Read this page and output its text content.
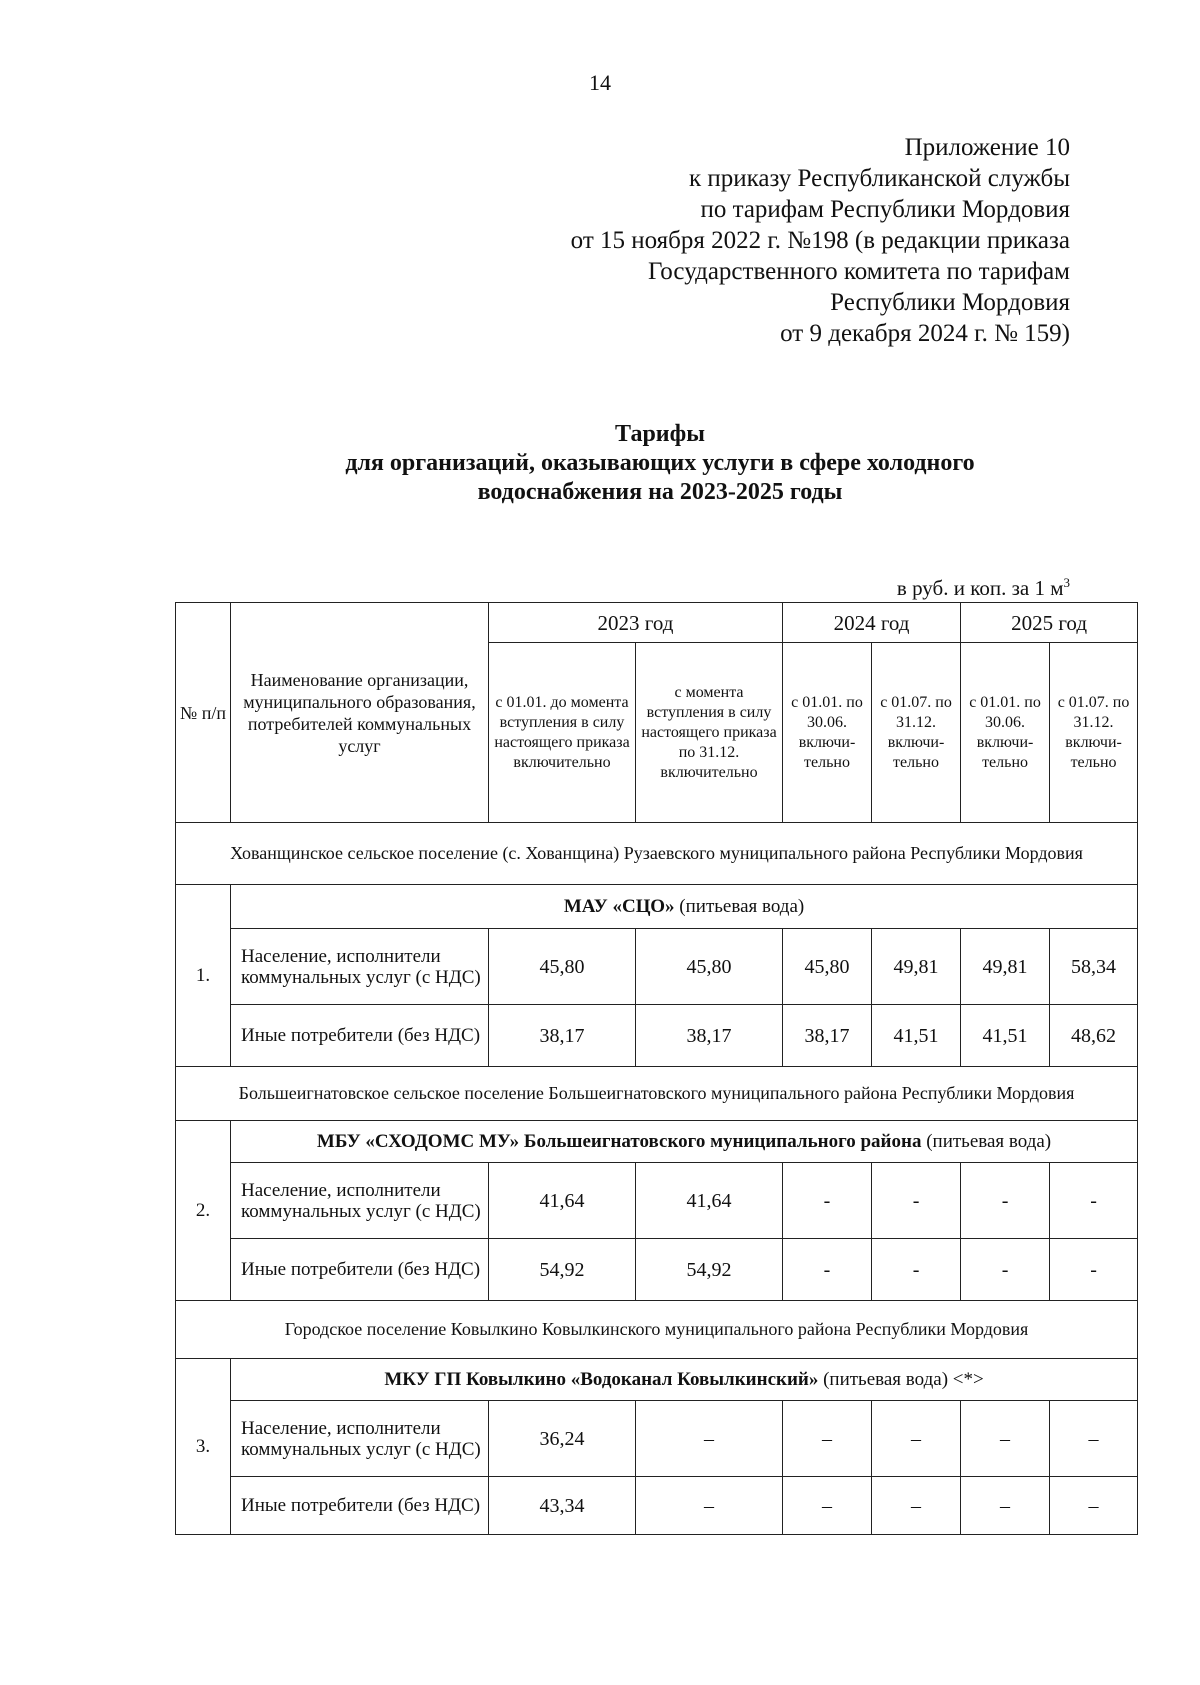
14
Приложение 10
к приказу Республиканской службы
по тарифам Республики Мордовия
от 15 ноября 2022 г. №198 (в редакции приказа
Государственного комитета по тарифам
Республики Мордовия
от 9 декабря 2024 г. № 159)
Тарифы
для организаций, оказывающих услуги в сфере холодного
водоснабжения на 2023-2025 годы
в руб. и коп. за 1 $м^3$
№ п/п	Наименование организации, муниципального образования, потребителей коммунальных услуг	2023 год		2024 год		2025 год	
		с 01.01. до момента вступления в силу настоящего приказа включительно	с момента вступления в силу настоящего приказа по 31.12. включительно	с 01.01. по 30.06. включи-тельно	с 01.07. по 31.12. включи-тельно	с 01.01. по 30.06. включи-тельно	с 01.07. по 31.12. включи-тельно
Хованщинское сельское поселение (с. Хованщина) Рузаевского муниципального района Республики Мордовия							
1.	МАУ «СЦО» (питьевая вода)						
	Население, исполнители коммунальных услуг (с НДС)	45,80	45,80	45,80	49,81	49,81	58,34
	Иные потребители (без НДС)	38,17	38,17	38,17	41,51	41,51	48,62
Большеигнатовское сельское поселение Большеигнатовского муниципального района Республики Мордовия							
2.	МБУ «СХОДОМС МУ» Большеигнатовского муниципального района (питьевая вода)						
	Население, исполнители коммунальных услуг (с НДС)	41,64	41,64	-	-	-	-
	Иные потребители (без НДС)	54,92	54,92	-	-	-	-
Городское поселение Ковылкино Ковылкинского муниципального района Республики Мордовия							
3.	МКУ ГП Ковылкино «Водоканал Ковылкинский» (питьевая вода) <*>						
	Население, исполнители коммунальных услуг (с НДС)	36,24	–	–	–	–	–
	Иные потребители (без НДС)	43,34	–	–	–	–	–
